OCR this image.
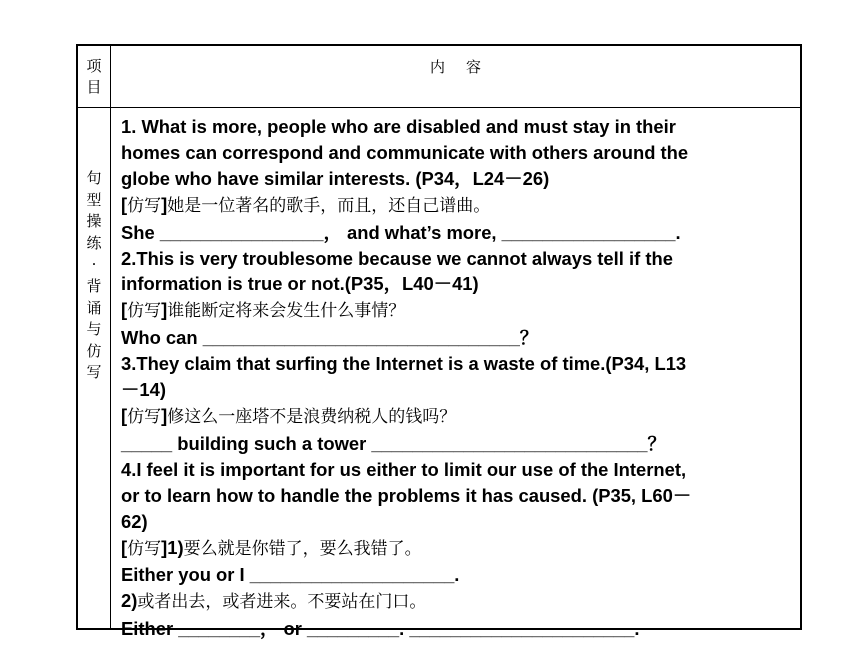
项目
内容
句型操练·背诵与仿 写
1. What is more, people who are disabled and must stay in their
homes can correspond and communicate with others around the
globe who have similar interests. (P34，L24－26)
[仿写]她是一位著名的歌手，而且，还自己谱曲。
She ________________， and what’s more, _________________.
2.This is very troublesome because we cannot always tell if the
information is true or not.(P35，L40－41)
[仿写]谁能断定将来会发生什么事情？
Who can _______________________________？
3.They claim that surfing the Internet is a waste of time.(P34, L13
－14)
[仿写]修这么一座塔不是浪费纳税人的钱吗？
_____ building such a tower ___________________________？
4.I feel it is important for us either to limit our use of the Internet,
or to learn how to handle the problems it has caused. (P35, L60－
62)
[仿写]1)要么就是你错了，要么我错了。
Either you or I ____________________.
2)或者出去，或者进来。不要站在门口。
Either ________， or _________. ______________________.
